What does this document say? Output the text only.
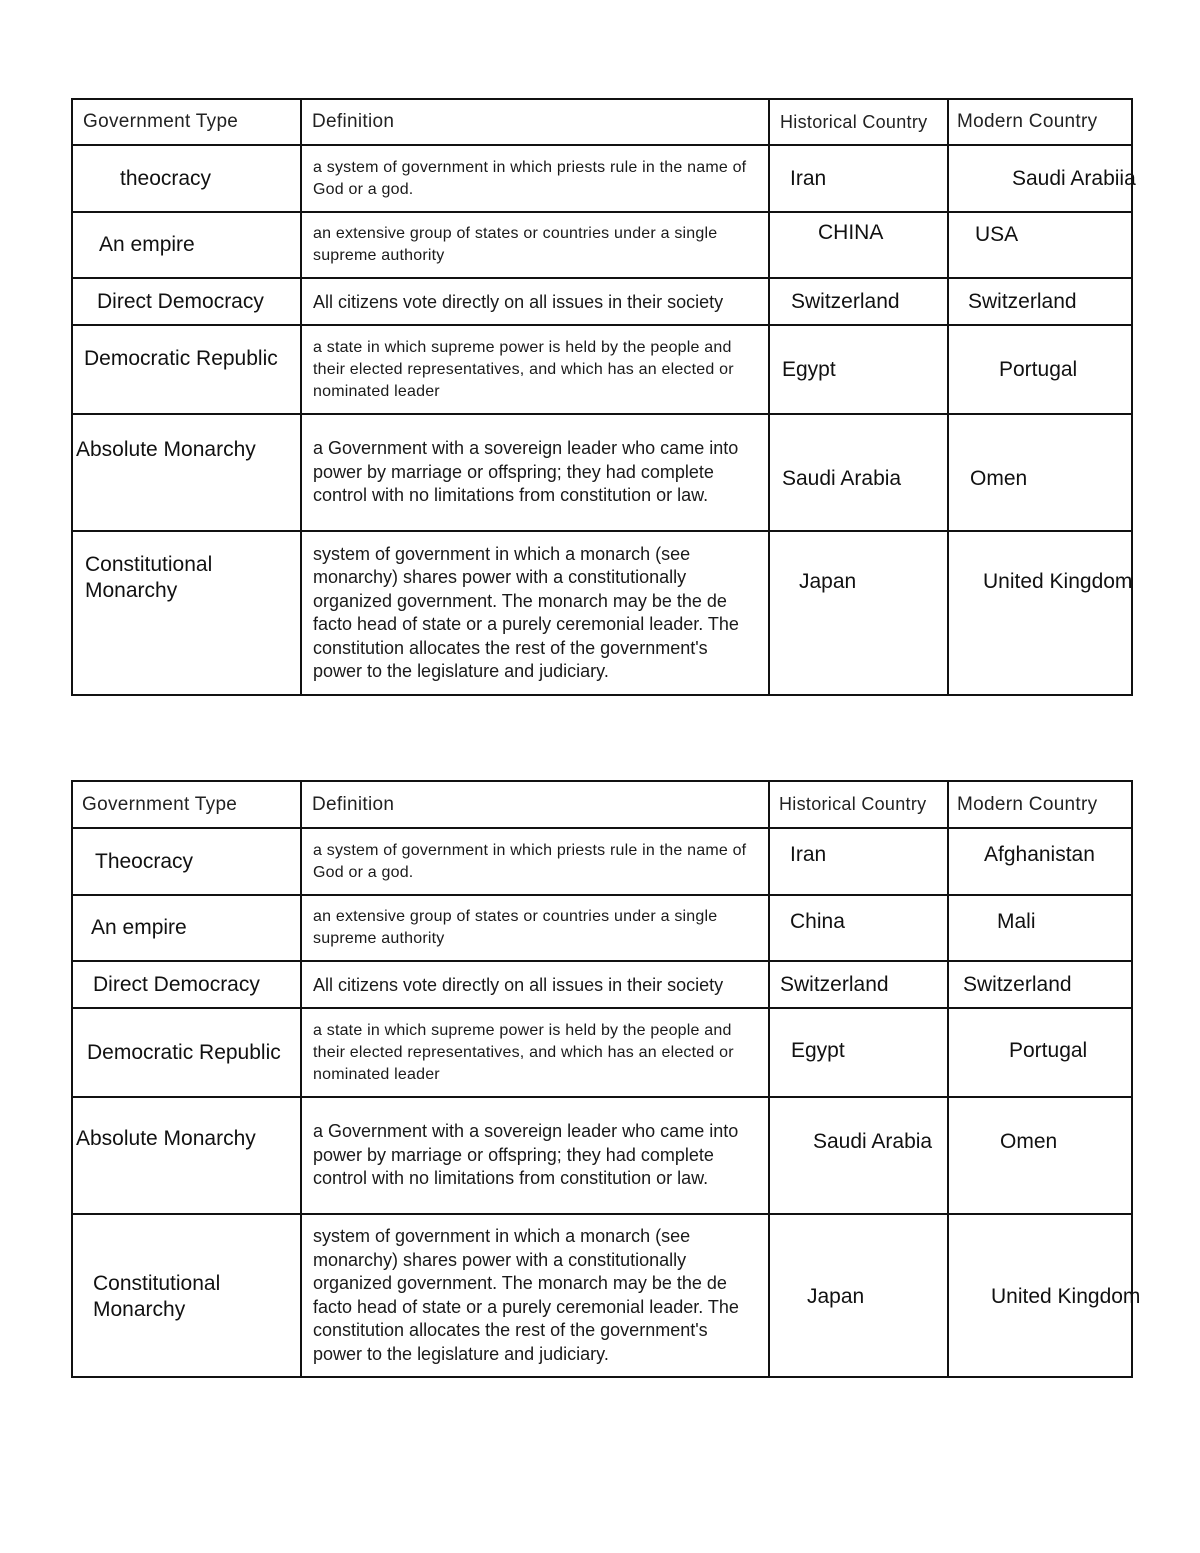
Government Type	Definition	Historical Country	Modern Country

theocracy	a system of government in which priests rule in the name of God or a god.	Iran	Saudi Arabiia

An empire	an extensive group of states or countries under a single supreme authority	CHINA	USA

Direct Democracy	All citizens vote directly on all issues in their society	Switzerland	Switzerland

Democratic Republic	a state in which supreme power is held by the people and their elected representatives, and which has an elected or nominated leader	Egypt	Portugal

Absolute Monarchy	a Government with a sovereign leader who came into power by marriage or offspring; they had complete control with no limitations from constitution or law.	Saudi Arabia	Omen

Constitutional
Monarchy	system of government in which a monarch (see monarchy) shares power with a constitutionally organized government. The monarch may be the de facto head of state or a purely ceremonial leader. The constitution allocates the rest of the government's power to the legislature and judiciary.	Japan	United Kingdom
Government Type	Definition	Historical Country	Modern Country

Theocracy	a system of government in which priests rule in the name of God or a god.	Iran	Afghanistan

An empire	an extensive group of states or countries under a single supreme authority	China	Mali

Direct Democracy	All citizens vote directly on all issues in their society	Switzerland	Switzerland

Democratic Republic	a state in which supreme power is held by the people and their elected representatives, and which has an elected or nominated leader	Egypt	Portugal

Absolute Monarchy	a Government with a sovereign leader who came into power by marriage or offspring; they had complete control with no limitations from constitution or law.	Saudi Arabia	Omen

Constitutional
Monarchy	system of government in which a monarch (see monarchy) shares power with a constitutionally organized government. The monarch may be the de facto head of state or a purely ceremonial leader. The constitution allocates the rest of the government's power to the legislature and judiciary.	Japan	United Kingdom
